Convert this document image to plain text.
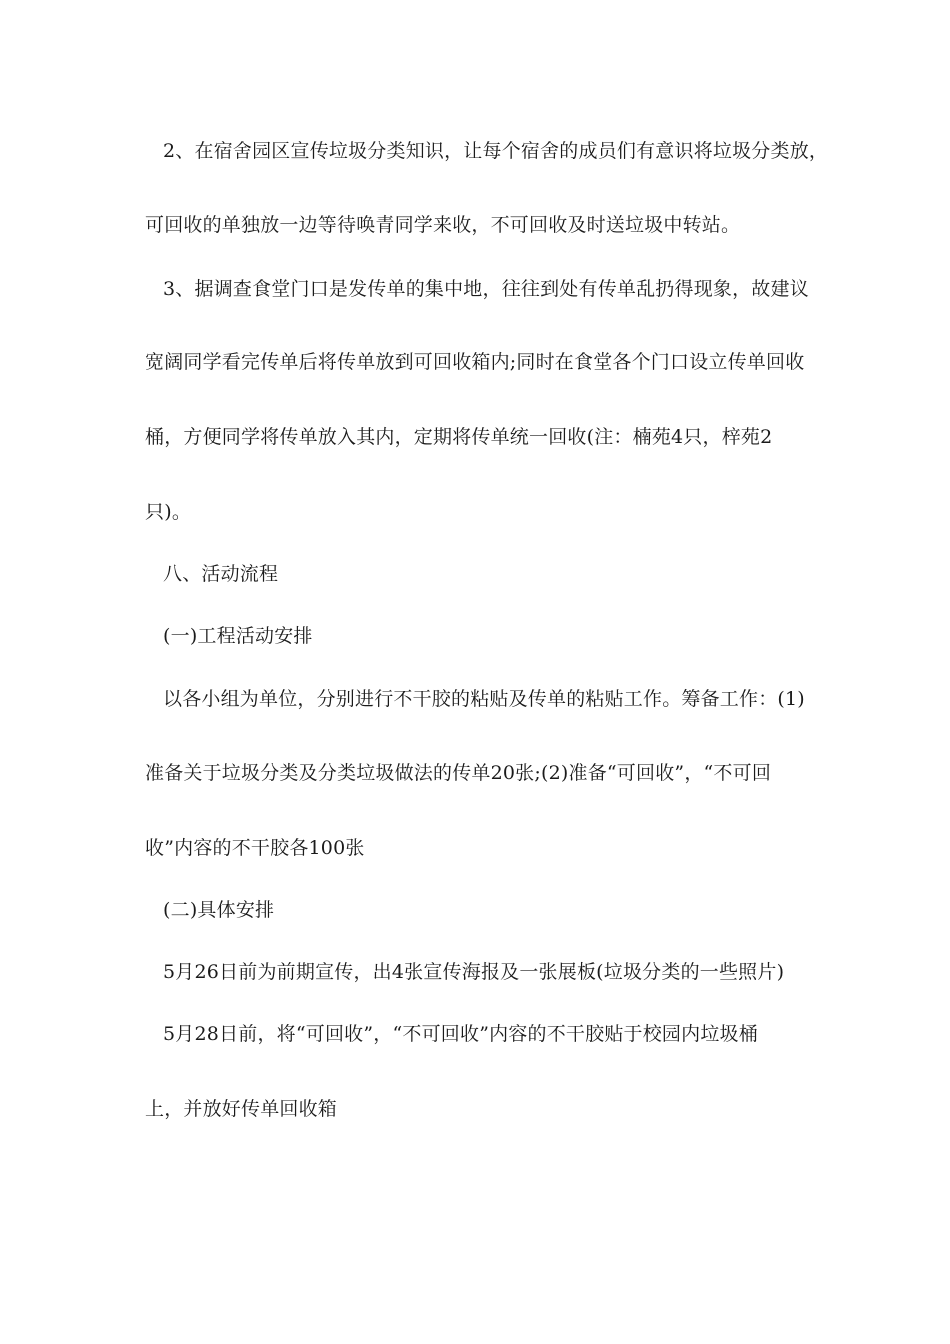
2、在宿舍园区宣传垃圾分类知识，让每个宿舍的成员们有意识将垃圾分类放，
可回收的单独放一边等待唤青同学来收，不可回收及时送垃圾中转站。
3、据调查食堂门口是发传单的集中地，往往到处有传单乱扔得现象，故建议
宽阔同学看完传单后将传单放到可回收箱内;同时在食堂各个门口设立传单回收
桶，方便同学将传单放入其内，定期将传单统一回收(注：楠苑4只，梓苑2
只)。
八、活动流程
(一)工程活动安排
以各小组为单位，分别进行不干胶的粘贴及传单的粘贴工作。筹备工作：(1)
准备关于垃圾分类及分类垃圾做法的传单20张;(2)准备“可回收”，“不可回
收”内容的不干胶各100张
(二)具体安排
5月26日前为前期宣传，出4张宣传海报及一张展板(垃圾分类的一些照片)
5月28日前，将“可回收”，“不可回收”内容的不干胶贴于校园内垃圾桶
上，并放好传单回收箱
